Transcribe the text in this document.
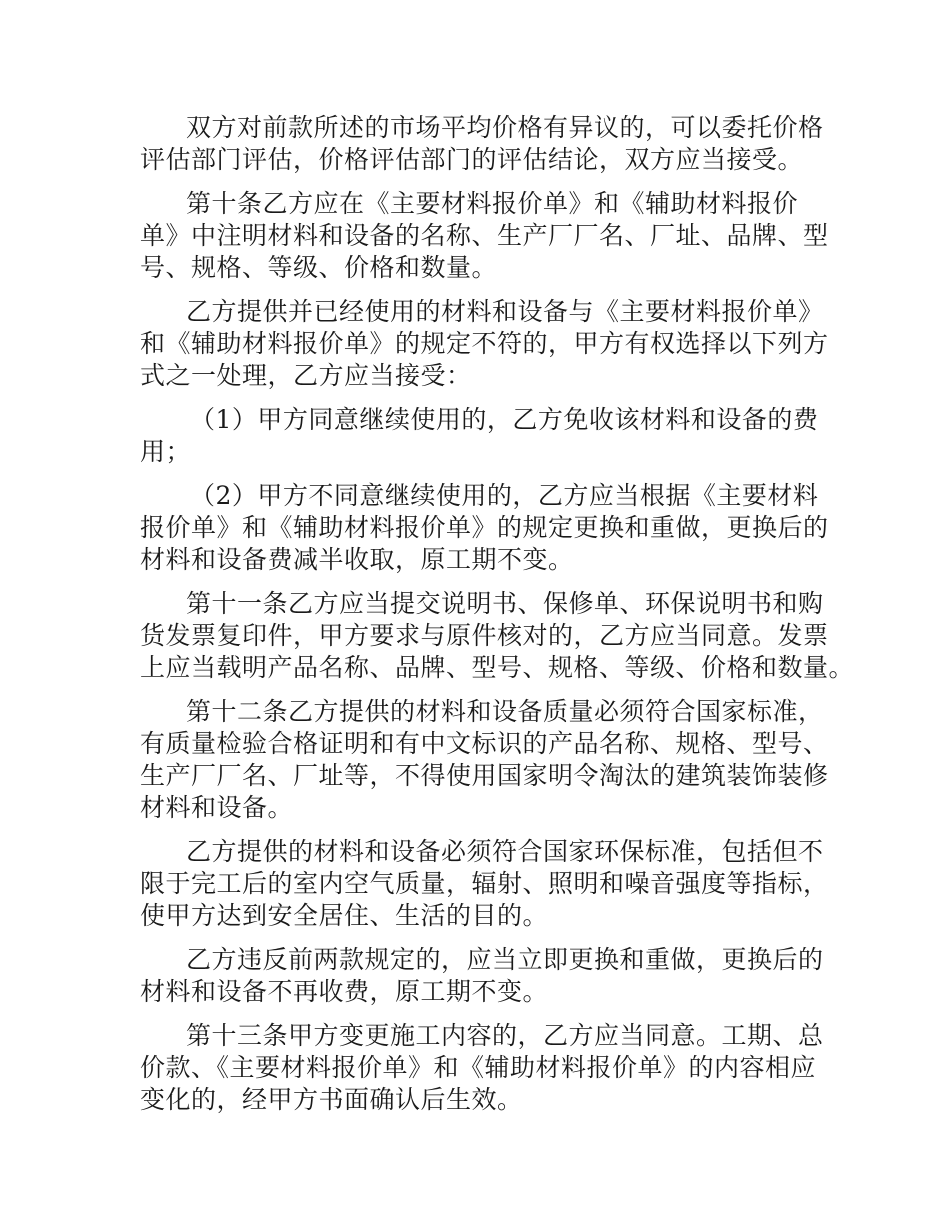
双方对前款所述的市场平均价格有异议的，可以委托价格
评估部门评估，价格评估部门的评估结论，双方应当接受。

第十条乙方应在《主要材料报价单》和《辅助材料报价
单》中注明材料和设备的名称、生产厂厂名、厂址、品牌、型
号、规格、等级、价格和数量。

乙方提供并已经使用的材料和设备与《主要材料报价单》
和《辅助材料报价单》的规定不符的，甲方有权选择以下列方
式之一处理，乙方应当接受：

（1）甲方同意继续使用的，乙方免收该材料和设备的费
用；

（2）甲方不同意继续使用的，乙方应当根据《主要材料
报价单》和《辅助材料报价单》的规定更换和重做，更换后的
材料和设备费减半收取，原工期不变。

第十一条乙方应当提交说明书、保修单、环保说明书和购
货发票复印件，甲方要求与原件核对的，乙方应当同意。发票
上应当载明产品名称、品牌、型号、规格、等级、价格和数量。

第十二条乙方提供的材料和设备质量必须符合国家标准，
有质量检验合格证明和有中文标识的产品名称、规格、型号、
生产厂厂名、厂址等，不得使用国家明令淘汰的建筑装饰装修
材料和设备。

乙方提供的材料和设备必须符合国家环保标准，包括但不
限于完工后的室内空气质量，辐射、照明和噪音强度等指标，
使甲方达到安全居住、生活的目的。

乙方违反前两款规定的，应当立即更换和重做，更换后的
材料和设备不再收费，原工期不变。

第十三条甲方变更施工内容的，乙方应当同意。工期、总
价款、《主要材料报价单》和《辅助材料报价单》的内容相应
变化的，经甲方书面确认后生效。
